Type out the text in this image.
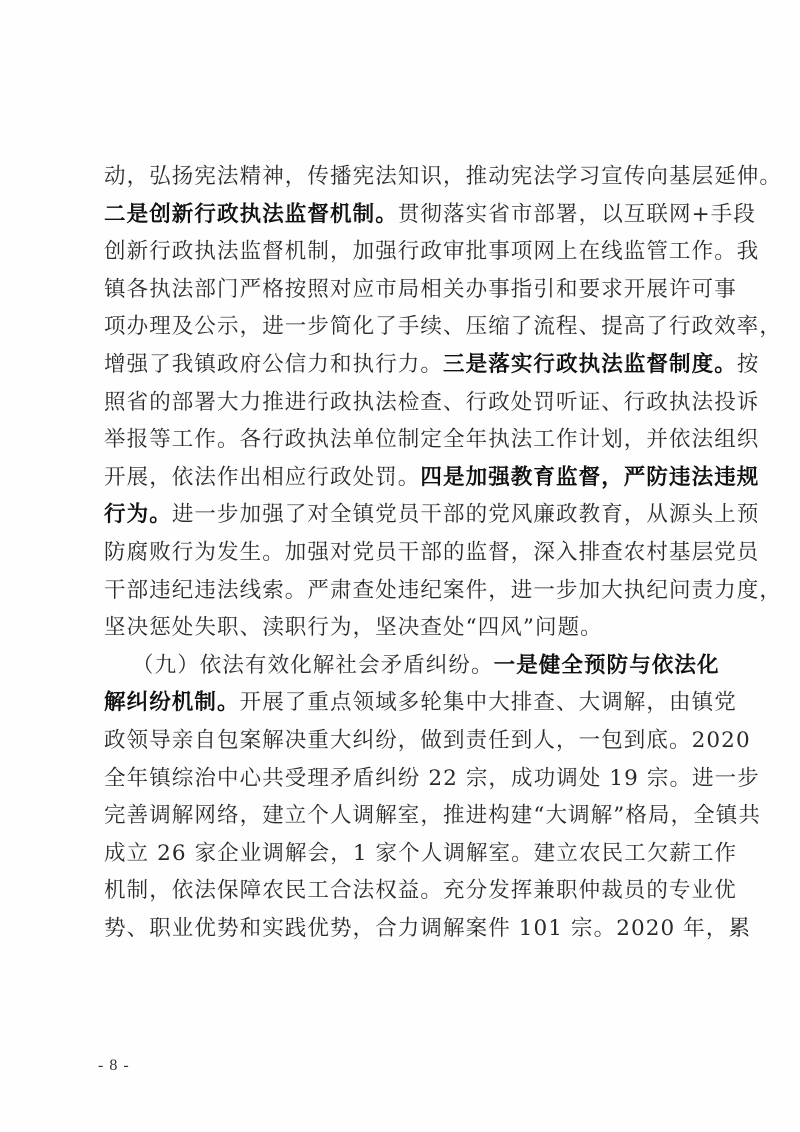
动，弘扬宪法精神，传播宪法知识，推动宪法学习宣传向基层延伸。
二是创新行政执法监督机制。贯彻落实省市部署，以互联网+手段
创新行政执法监督机制，加强行政审批事项网上在线监管工作。我
镇各执法部门严格按照对应市局相关办事指引和要求开展许可事
项办理及公示，进一步简化了手续、压缩了流程、提高了行政效率，
增强了我镇政府公信力和执行力。三是落实行政执法监督制度。按
照省的部署大力推进行政执法检查、行政处罚听证、行政执法投诉
举报等工作。各行政执法单位制定全年执法工作计划，并依法组织
开展，依法作出相应行政处罚。四是加强教育监督，严防违法违规
行为。进一步加强了对全镇党员干部的党风廉政教育，从源头上预
防腐败行为发生。加强对党员干部的监督，深入排查农村基层党员
干部违纪违法线索。严肃查处违纪案件，进一步加大执纪问责力度，
坚决惩处失职、渎职行为，坚决查处“四风”问题。
（九）依法有效化解社会矛盾纠纷。一是健全预防与依法化
解纠纷机制。开展了重点领域多轮集中大排查、大调解，由镇党
政领导亲自包案解决重大纠纷，做到责任到人，一包到底。2020
全年镇综治中心共受理矛盾纠纷 22 宗，成功调处 19 宗。进一步
完善调解网络，建立个人调解室，推进构建“大调解”格局，全镇共
成立 26 家企业调解会，1 家个人调解室。建立农民工欠薪工作
机制，依法保障农民工合法权益。充分发挥兼职仲裁员的专业优
势、职业优势和实践优势，合力调解案件 101 宗。2020 年，累
- 8 -
